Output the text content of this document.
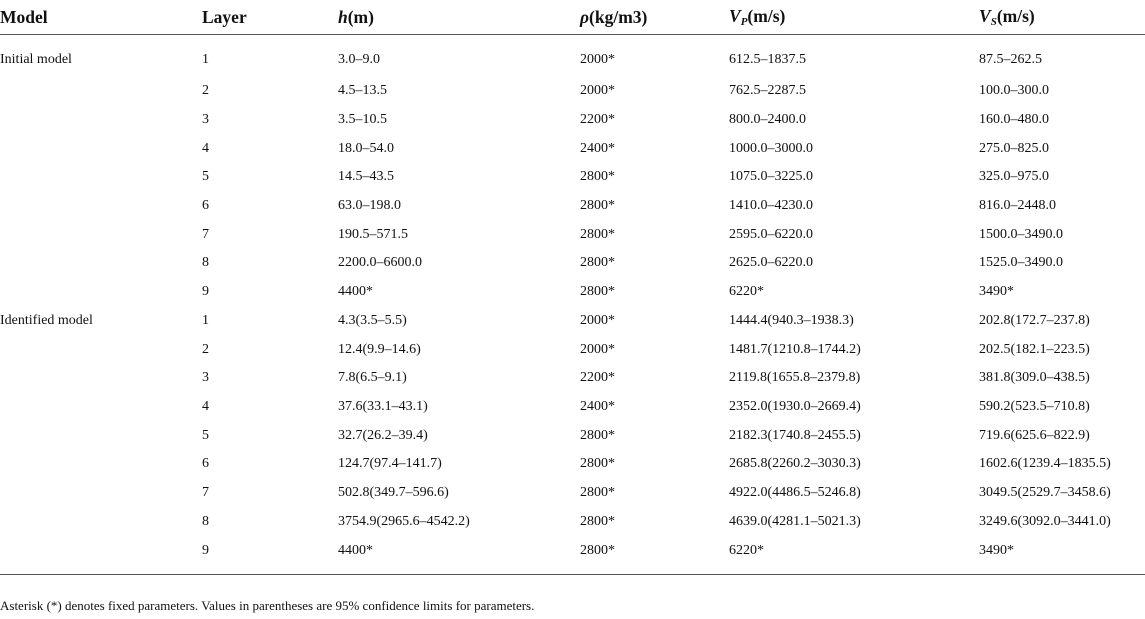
Model	Layer	h(m)	ρ(kg/m3)	$V_P(m/s)$	$V_S(m/s)$
Initial model	1	3.0–9.0	2000*	612.5–1837.5	87.5–262.5
	2	4.5–13.5	2000*	762.5–2287.5	100.0–300.0
	3	3.5–10.5	2200*	800.0–2400.0	160.0–480.0
	4	18.0–54.0	2400*	1000.0–3000.0	275.0–825.0
	5	14.5–43.5	2800*	1075.0–3225.0	325.0–975.0
	6	63.0–198.0	2800*	1410.0–4230.0	816.0–2448.0
	7	190.5–571.5	2800*	2595.0–6220.0	1500.0–3490.0
	8	2200.0–6600.0	2800*	2625.0–6220.0	1525.0–3490.0
	9	4400*	2800*	6220*	3490*
Identified model	1	4.3(3.5–5.5)	2000*	1444.4(940.3–1938.3)	202.8(172.7–237.8)
	2	12.4(9.9–14.6)	2000*	1481.7(1210.8–1744.2)	202.5(182.1–223.5)
	3	7.8(6.5–9.1)	2200*	2119.8(1655.8–2379.8)	381.8(309.0–438.5)
	4	37.6(33.1–43.1)	2400*	2352.0(1930.0–2669.4)	590.2(523.5–710.8)
	5	32.7(26.2–39.4)	2800*	2182.3(1740.8–2455.5)	719.6(625.6–822.9)
	6	124.7(97.4–141.7)	2800*	2685.8(2260.2–3030.3)	1602.6(1239.4–1835.5)
	7	502.8(349.7–596.6)	2800*	4922.0(4486.5–5246.8)	3049.5(2529.7–3458.6)
	8	3754.9(2965.6–4542.2)	2800*	4639.0(4281.1–5021.3)	3249.6(3092.0–3441.0)
	9	4400*	2800*	6220*	3490*
Asterisk (*) denotes fixed parameters. Values in parentheses are 95% confidence limits for parameters.
